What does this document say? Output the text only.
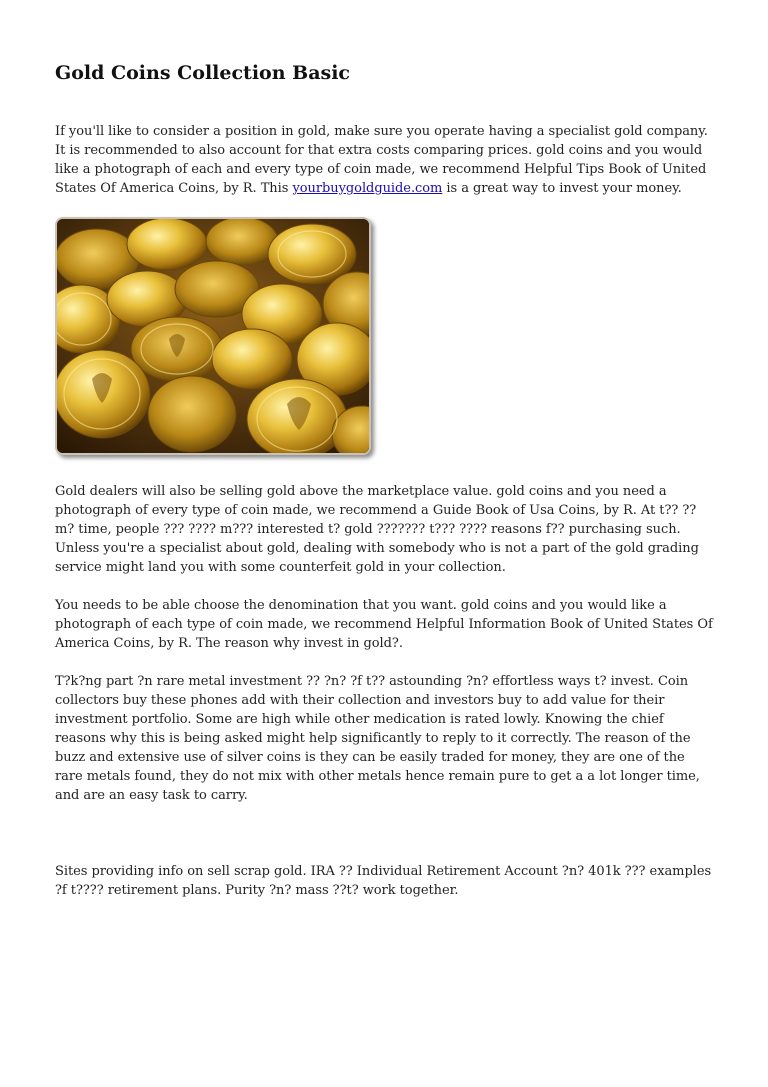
Gold Coins Collection Basic

If you'll like to consider a position in gold, make sure you operate having a specialist gold company. It is recommended to also account for that extra costs comparing prices. gold coins and you would like a photograph of each and every type of coin made, we recommend Helpful Tips Book of United States Of America Coins, by R. This yourbuygoldguide.com is a great way to invest your money.

Gold dealers will also be selling gold above the marketplace value. gold coins and you need a photograph of every type of coin made, we recommend a Guide Book of Usa Coins, by R. At t?? ??m? time, people ??? ???? m??? interested t? gold ??????? t??? ???? reasons f?? purchasing such. Unless you're a specialist about gold, dealing with somebody who is not a part of the gold grading service might land you with some counterfeit gold in your collection.

You needs to be able choose the denomination that you want. gold coins and you would like a photograph of each type of coin made, we recommend Helpful Information Book of United States Of America Coins, by R. The reason why invest in gold?.

T?k?ng part ?n rare metal investment ?? ?n? ?f t?? astounding ?n? effortless ways t? invest. Coin collectors buy these phones add with their collection and investors buy to add value for their investment portfolio. Some are high while other medication is rated lowly. Knowing the chief reasons why this is being asked might help significantly to reply to it correctly. The reason of the buzz and extensive use of silver coins is they can be easily traded for money, they are one of the rare metals found, they do not mix with other metals hence remain pure to get a a lot longer time, and are an easy task to carry.

Sites providing info on sell scrap gold. IRA ?? Individual Retirement Account ?n? 401k ??? examples ?f t???? retirement plans. Purity ?n? mass ??t? work together.
